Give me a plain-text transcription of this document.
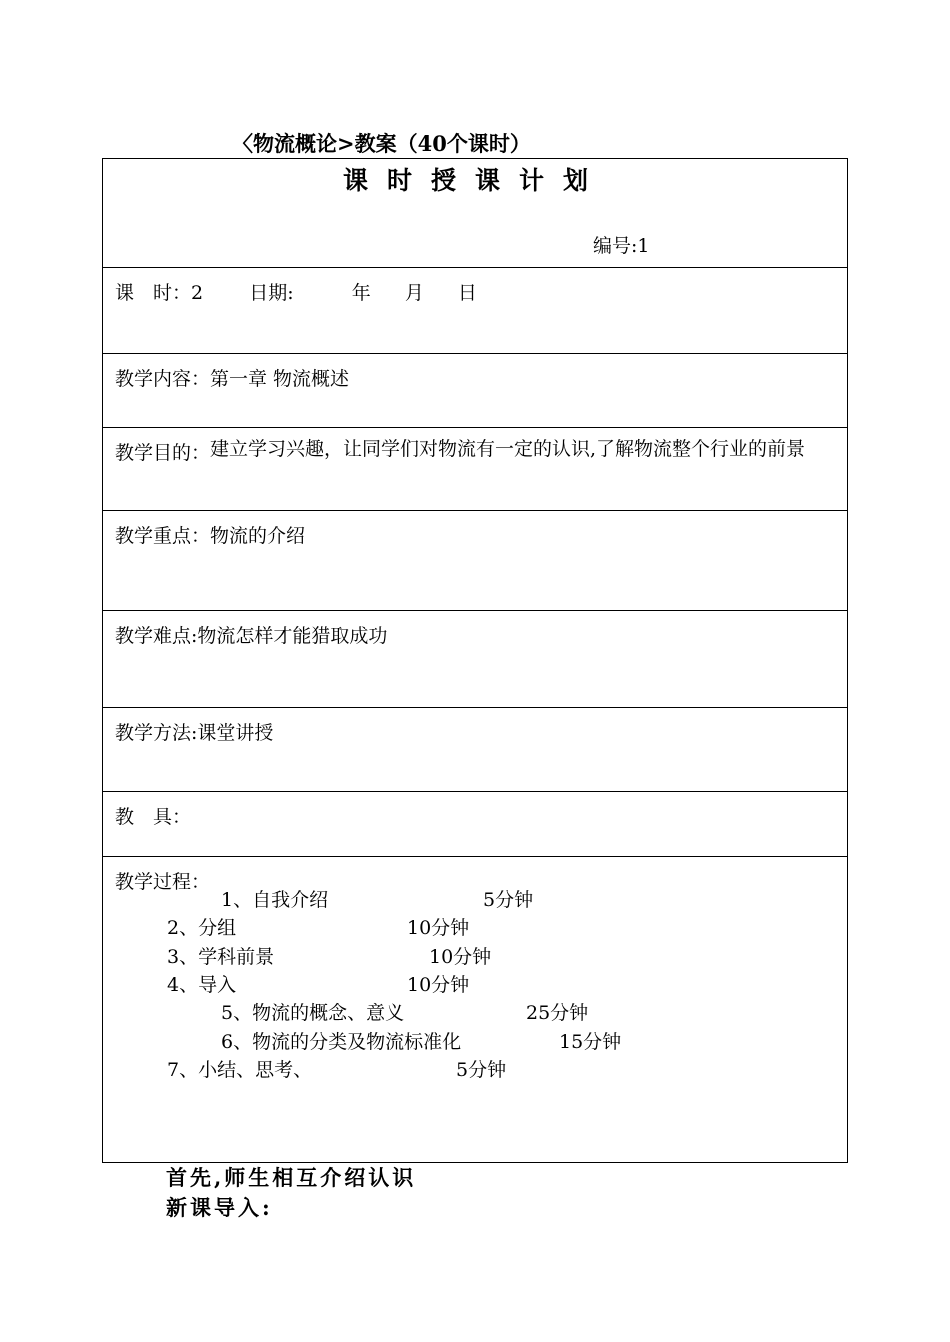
〈物流概论>教案（40个课时）
课时授课计划
编号:1
课　时：2 日期:	年 月 日
教学内容：第一章 物流概述
教学目的： 建立学习兴趣，让同学们对物流有一定的认识,了解物流整个行业的前景
教学重点：物流的介绍
教学难点:物流怎样才能猎取成功
教学方法:课堂讲授
教　具：
教学过程：
1、自我介绍	5分钟
2、分组	10分钟
3、学科前景	10分钟
4、导入	10分钟
5、物流的概念、意义	25分钟
6、物流的分类及物流标准化	15分钟
7、小结、思考、	5分钟
首先,师生相互介绍认识
新课导入:
